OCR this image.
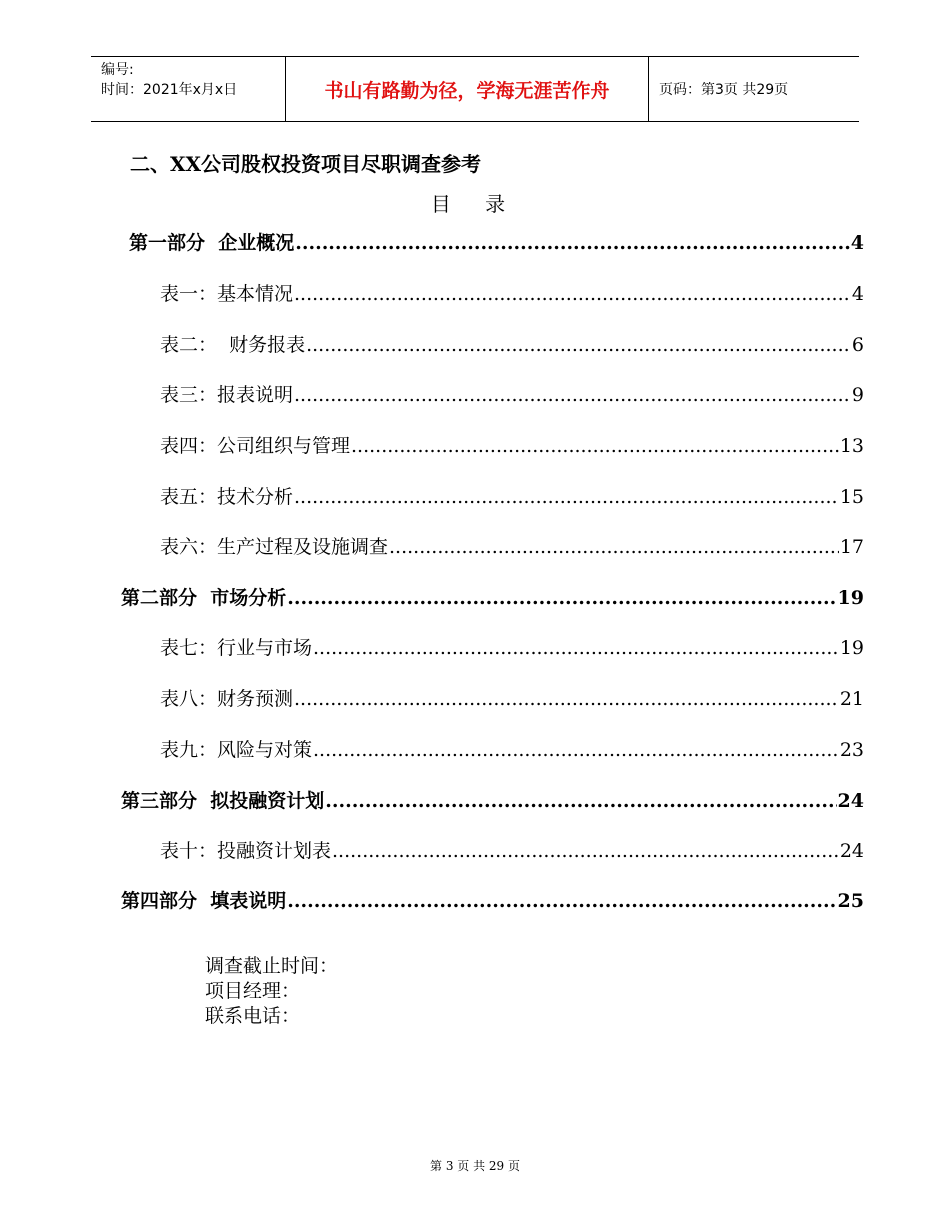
编号:
时间：2021年x月x日	书山有路勤为径，学海无涯苦作舟	页码：第3页 共29页
二、XX公司股权投资项目尽职调查参考
目 录
第一部分  企业概况 .....	4
表一：基本情况 .....	4
表二：  财务报表 .....	6
表三：报表说明 .....	9
表四：公司组织与管理 .....	13
表五：技术分析 .....	15
表六：生产过程及设施调查 .....	17
第二部分  市场分析 .....	19
表七：行业与市场 .....	19
表八：财务预测 .....	21
表九：风险与对策 .....	23
第三部分  拟投融资计划 .....	24
表十：投融资计划表 .....	24
第四部分  填表说明 .....	25
调查截止时间：
项目经理：
联系电话：
第 3 页 共 29 页
